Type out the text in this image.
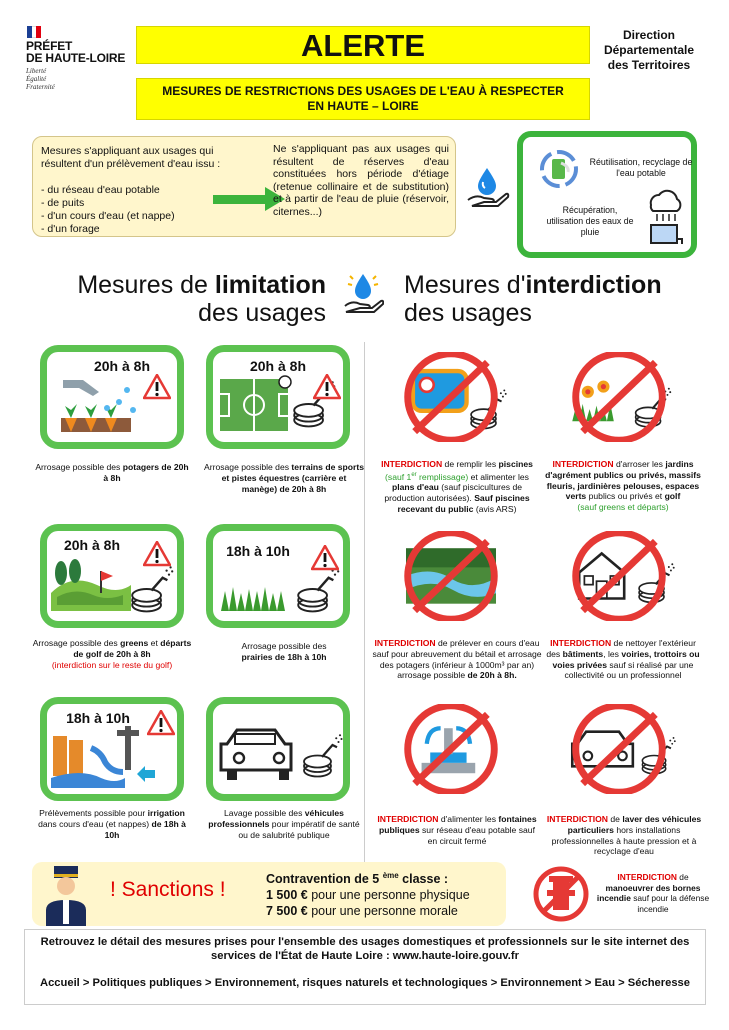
PRÉFET
DE HAUTE-LOIRE
Liberté
Égalité
Fraternité
ALERTE
MESURES DE RESTRICTIONS DES USAGES DE L'EAU À RESPECTER
EN HAUTE – LOIRE
Direction
Départementale
des Territoires
Mesures s'appliquant aux usages qui résultent d'un prélèvement d'eau issu :
- du réseau d'eau potable
- de puits
- d'un cours d'eau (et nappe)
- d'un forage
Ne s'appliquant pas aux usages qui résultent de réserves d'eau constituées hors période d'étiage (retenue collinaire et de substitution) et à partir de l'eau de pluie (réservoir, citernes...)
Réutilisation, recyclage de l'eau potable
Récupération, utilisation des eaux de pluie
Mesures de limitation
des usages
Mesures d'interdiction
des usages
20h à 8h	20h à 8h
20h à 8h	18h à 10h
18h à 10h
Arrosage possible des potagers de 20h à 8h
Arrosage possible des terrains de sports et pistes équestres (carrière et manège) de 20h à 8h
INTERDICTION de remplir les piscines (sauf 1er remplissage) et alimenter les plans d'eau (sauf piscicultures de production autorisées). Sauf piscines recevant du public (avis ARS)
INTERDICTION d'arroser les jardins d'agrément publics ou privés, massifs fleuris, jardinières pelouses, espaces verts publics ou privés et golf
(sauf greens et départs)
Arrosage possible des greens et départs de golf de 20h à 8h
(interdiction sur le reste du golf)
Arrosage possible des
prairies de 18h à 10h
INTERDICTION de prélever en cours d'eau sauf pour abreuvement du bétail et arrosage des potagers (inférieur à 1000m³ par an) arrosage possible de 20h à 8h.
INTERDICTION de nettoyer l'extérieur des bâtiments, les voiries, trottoirs ou voies privées sauf si réalisé par une collectivité ou un professionnel
Prélèvements possible pour irrigation dans cours d'eau (et nappes) de 18h à 10h
Lavage possible des véhicules professionnels pour impératif de santé ou de salubrité publique
INTERDICTION d'alimenter les fontaines publiques sur réseau d'eau potable sauf en circuit fermé
INTERDICTION de laver des véhicules particuliers hors installations professionnelles à haute pression et à recyclage d'eau
! Sanctions !	Contravention de 5 $^{ème}$ classe :
1 500 € pour une personne physique
7 500 € pour une personne morale
INTERDICTION de manoeuvrer des bornes incendie sauf pour la défense incendie

Retrouvez le détail des mesures prises pour l'ensemble des usages domestiques et professionnels sur le site internet des services de l'État de Haute Loire : www.haute-loire.gouv.fr

Accueil > Politiques publiques > Environnement, risques naturels et technologiques > Environnement > Eau > Sécheresse
